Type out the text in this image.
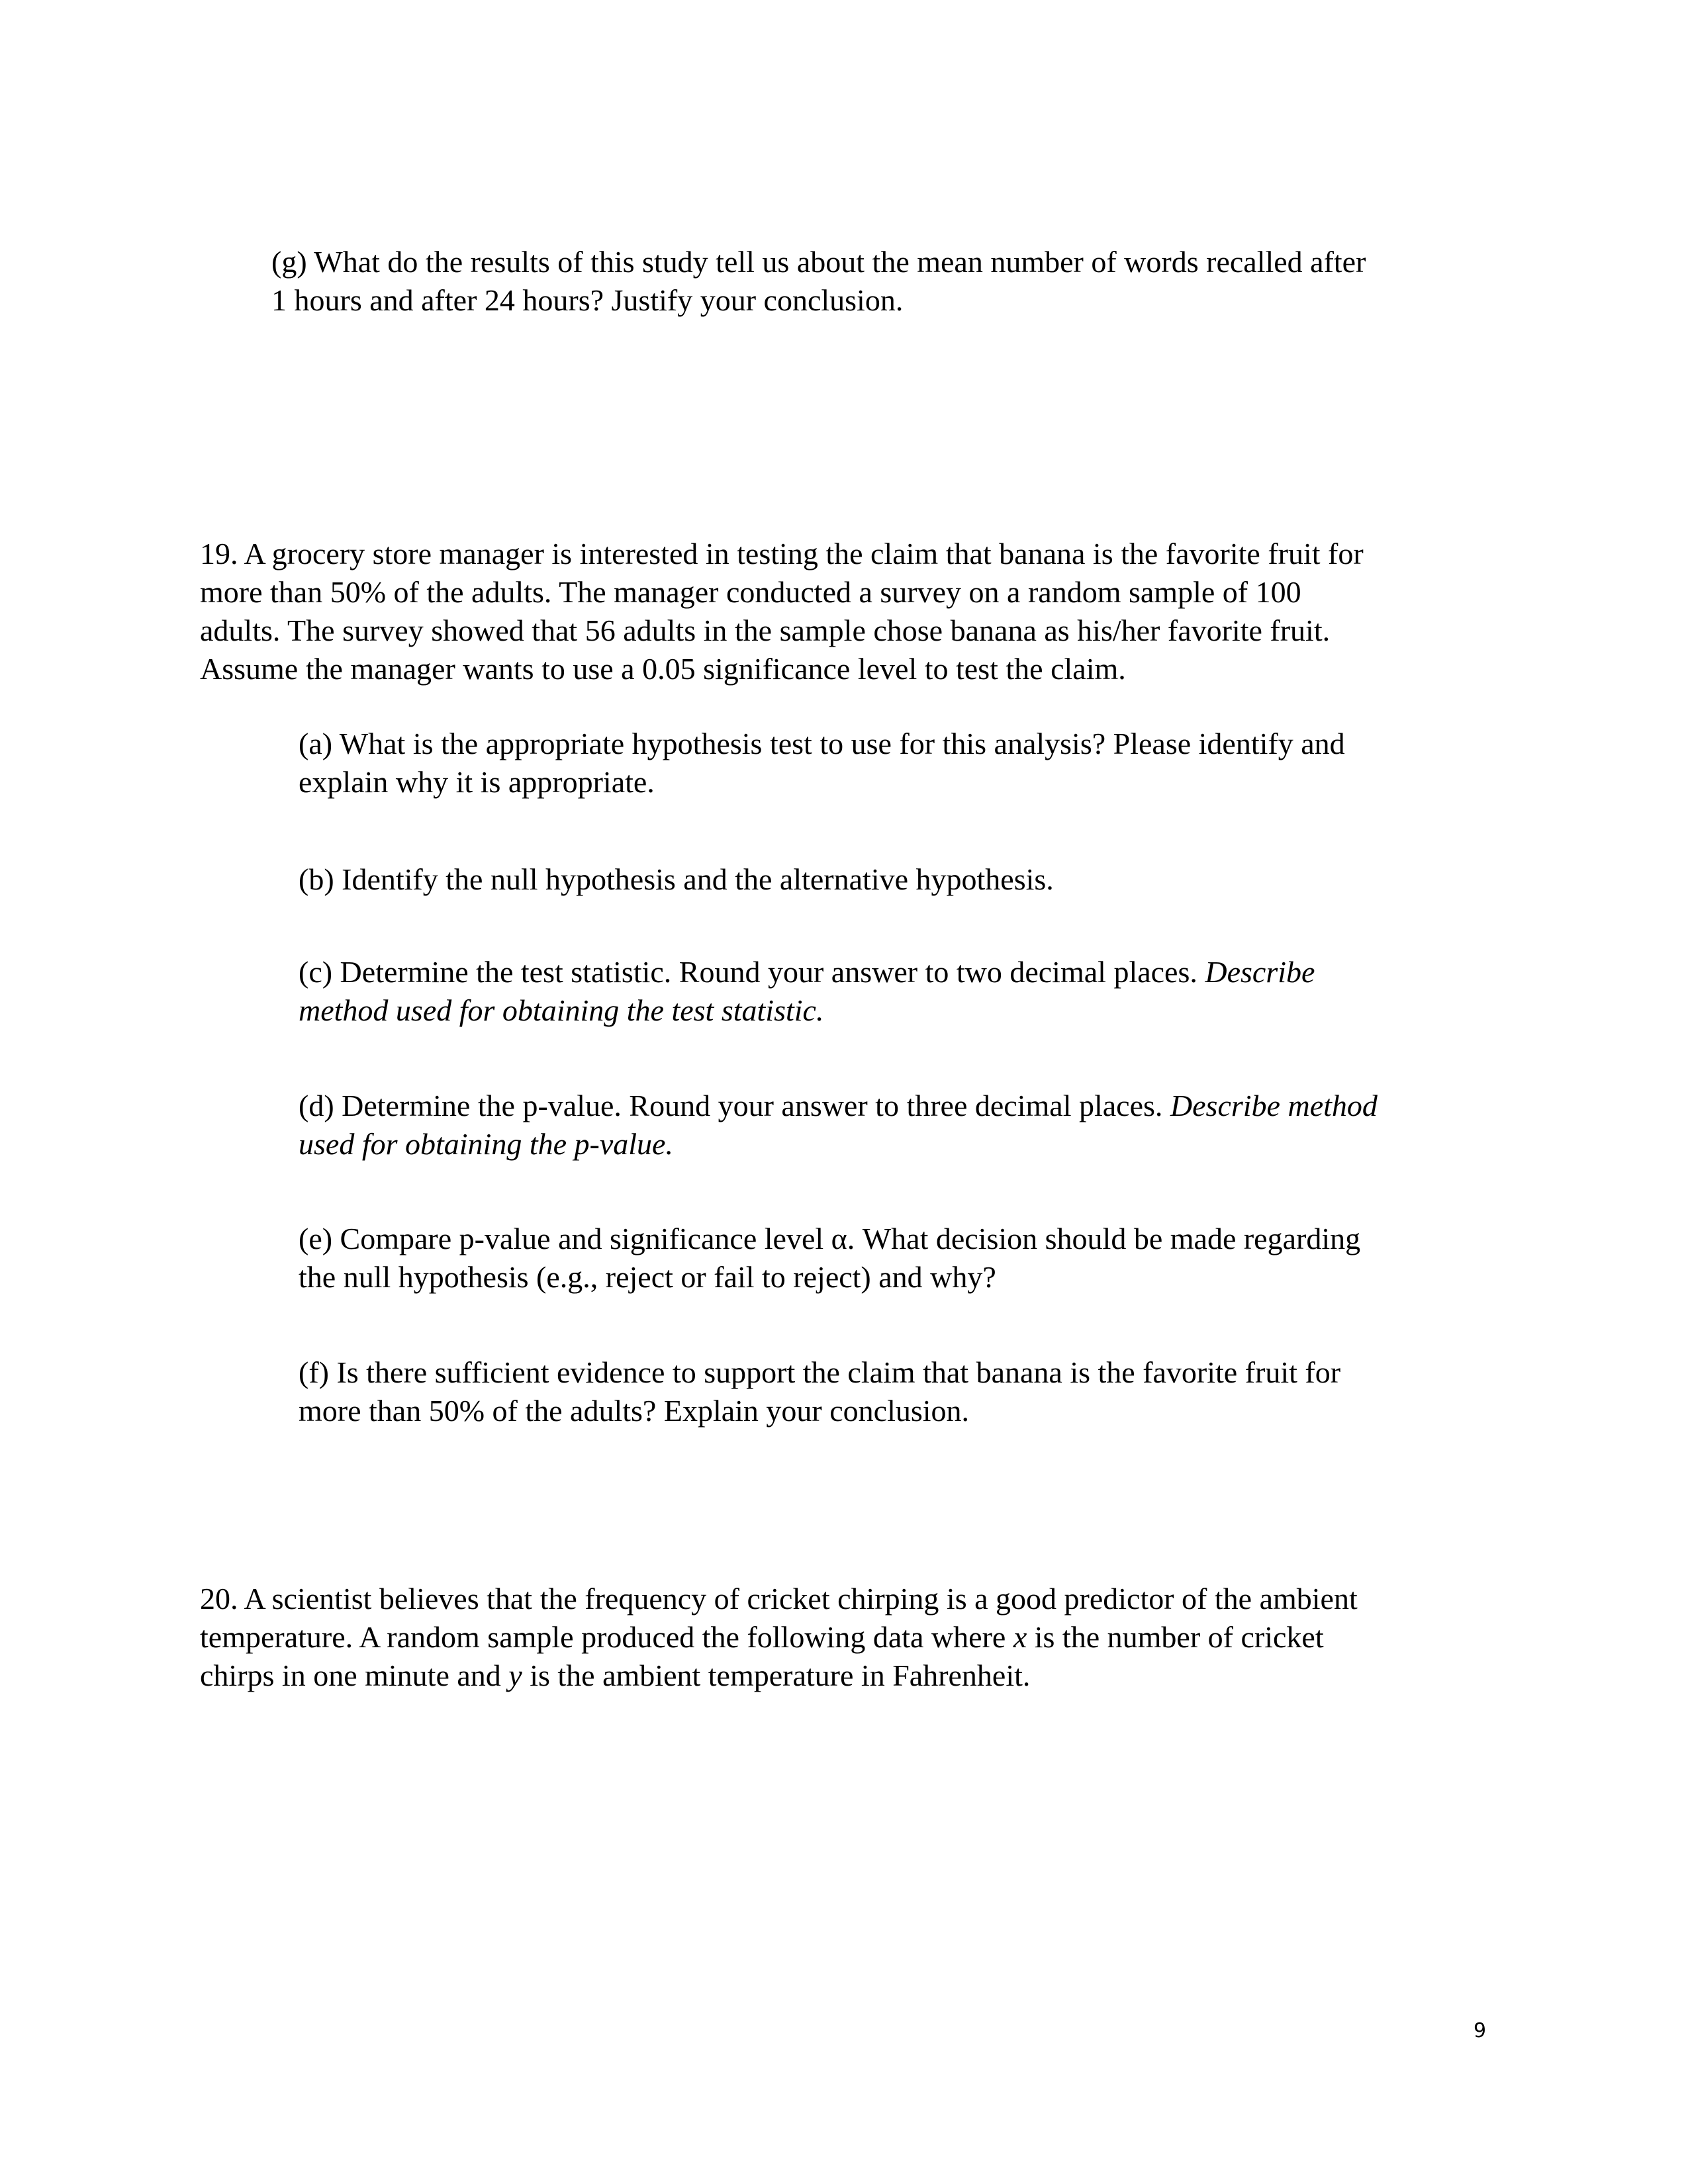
(g) What do the results of this study tell us about the mean number of words recalled after
1 hours and after 24 hours? Justify your conclusion.
19. A grocery store manager is interested in testing the claim that banana is the favorite fruit for
more than 50% of the adults. The manager conducted a survey on a random sample of 100
adults. The survey showed that 56 adults in the sample chose banana as his/her favorite fruit.
Assume the manager wants to use a 0.05 significance level to test the claim.
(a) What is the appropriate hypothesis test to use for this analysis? Please identify and
explain why it is appropriate.
(b) Identify the null hypothesis and the alternative hypothesis.
(c) Determine the test statistic. Round your answer to two decimal places. Describe
method used for obtaining the test statistic.
(d) Determine the p-value. Round your answer to three decimal places. Describe method
used for obtaining the p-value.
(e) Compare p-value and significance level α. What decision should be made regarding
the null hypothesis (e.g., reject or fail to reject) and why?
(f) Is there sufficient evidence to support the claim that banana is the favorite fruit for
more than 50% of the adults? Explain your conclusion.
20. A scientist believes that the frequency of cricket chirping is a good predictor of the ambient
temperature. A random sample produced the following data where x is the number of cricket
chirps in one minute and y is the ambient temperature in Fahrenheit.
9
